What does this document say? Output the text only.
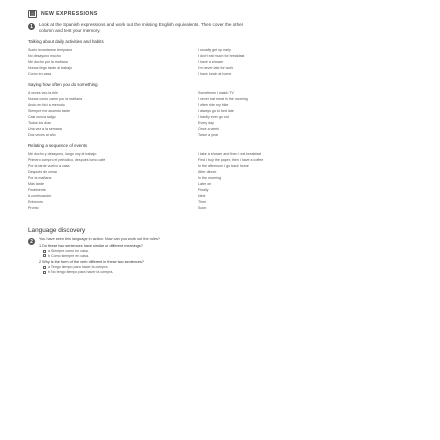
▤	NEW EXPRESSIONS
1	Look at the Spanish expressions and work out the missing English equivalents. Then cover the other column and test your memory.
Talking about daily activities and habits
Suelo levantarme temprano	I usually get up early
No desayuno mucho	I don't eat much for breakfast
Me ducho por la mañana	I have a shower
Nunca llego tarde al trabajo	I'm never late for work
Como en casa	I have lunch at home
Saying how often you do something
A veces veo la tele	Sometimes I watch TV
Nunca como carne por la mañana	I never eat meat in the morning
Ando en bici a menudo	I often ride my bike
Siempre me acuesto tarde	I always go to bed late
Casi nunca salgo	I hardly ever go out
Todos los días	Every day
Una vez a la semana	Once a week
Dos veces al año	Twice a year
Relating a sequence of events
Me ducho y desayuno, luego voy al trabajo	I take a shower and then I eat breakfast
Primero compro el periódico, después tomo café	First I buy the paper, then I have a coffee
Por la tarde vuelvo a casa	In the afternoon I go back home
Después de cenar	After dinner
Por la mañana	In the morning
Más tarde	Later on
Finalmente	Finally
A continuación	Next
Entonces	Then
Pronto	Soon
Language discovery
2	You have seen this language in action. Now can you work out the rules?
1 Do these two sentences have similar or different meanings?
a Siempre como en casa.
b Como siempre en casa.
2 Why is the form of the verb different in these two sentences?
a Tengo tiempo para hacer la compra.
b No tengo tiempo para hacer la compra.
